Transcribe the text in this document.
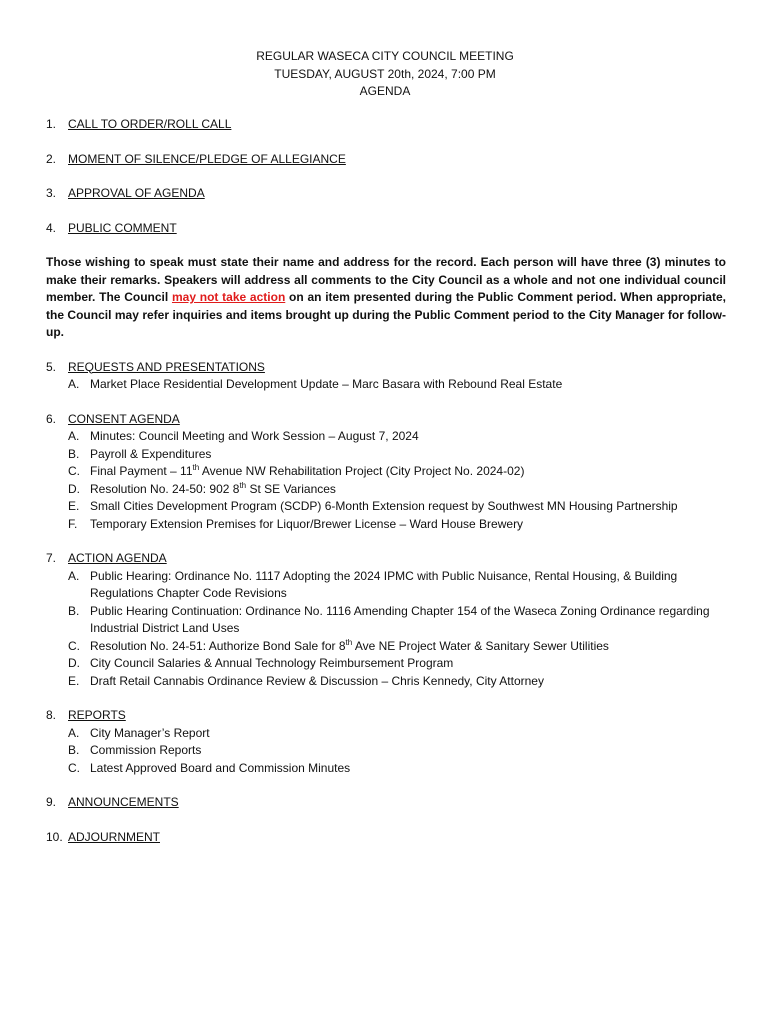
REGULAR WASECA CITY COUNCIL MEETING
TUESDAY, AUGUST 20th, 2024, 7:00 PM
AGENDA
1. CALL TO ORDER/ROLL CALL
2. MOMENT OF SILENCE/PLEDGE OF ALLEGIANCE
3. APPROVAL OF AGENDA
4. PUBLIC COMMENT

Those wishing to speak must state their name and address for the record. Each person will have three (3) minutes to make their remarks. Speakers will address all comments to the City Council as a whole and not one individual council member. The Council may not take action on an item presented during the Public Comment period. When appropriate, the Council may refer inquiries and items brought up during the Public Comment period to the City Manager for follow-up.

5. REQUESTS AND PRESENTATIONS
A. Market Place Residential Development Update – Marc Basara with Rebound Real Estate
6. CONSENT AGENDA
A. Minutes: Council Meeting and Work Session – August 7, 2024
B. Payroll & Expenditures
C. Final Payment – 11th Avenue NW Rehabilitation Project (City Project No. 2024-02)
D. Resolution No. 24-50: 902 8th St SE Variances
E. Small Cities Development Program (SCDP) 6-Month Extension request by Southwest MN Housing Partnership
F.	Temporary Extension Premises for Liquor/Brewer License – Ward House Brewery
7. ACTION AGENDA
A. Public Hearing: Ordinance No. 1117 Adopting the 2024 IPMC with Public Nuisance, Rental Housing, & Building Regulations Chapter Code Revisions
B. Public Hearing Continuation: Ordinance No. 1116 Amending Chapter 154 of the Waseca Zoning Ordinance regarding Industrial District Land Uses
C. Resolution No. 24-51: Authorize Bond Sale for 8th Ave NE Project Water & Sanitary Sewer Utilities
D. City Council Salaries & Annual Technology Reimbursement Program
E. Draft Retail Cannabis Ordinance Review & Discussion – Chris Kennedy, City Attorney
8. REPORTS
A. City Manager’s Report
B. Commission Reports
C. Latest Approved Board and Commission Minutes
9. ANNOUNCEMENTS
10. ADJOURNMENT
